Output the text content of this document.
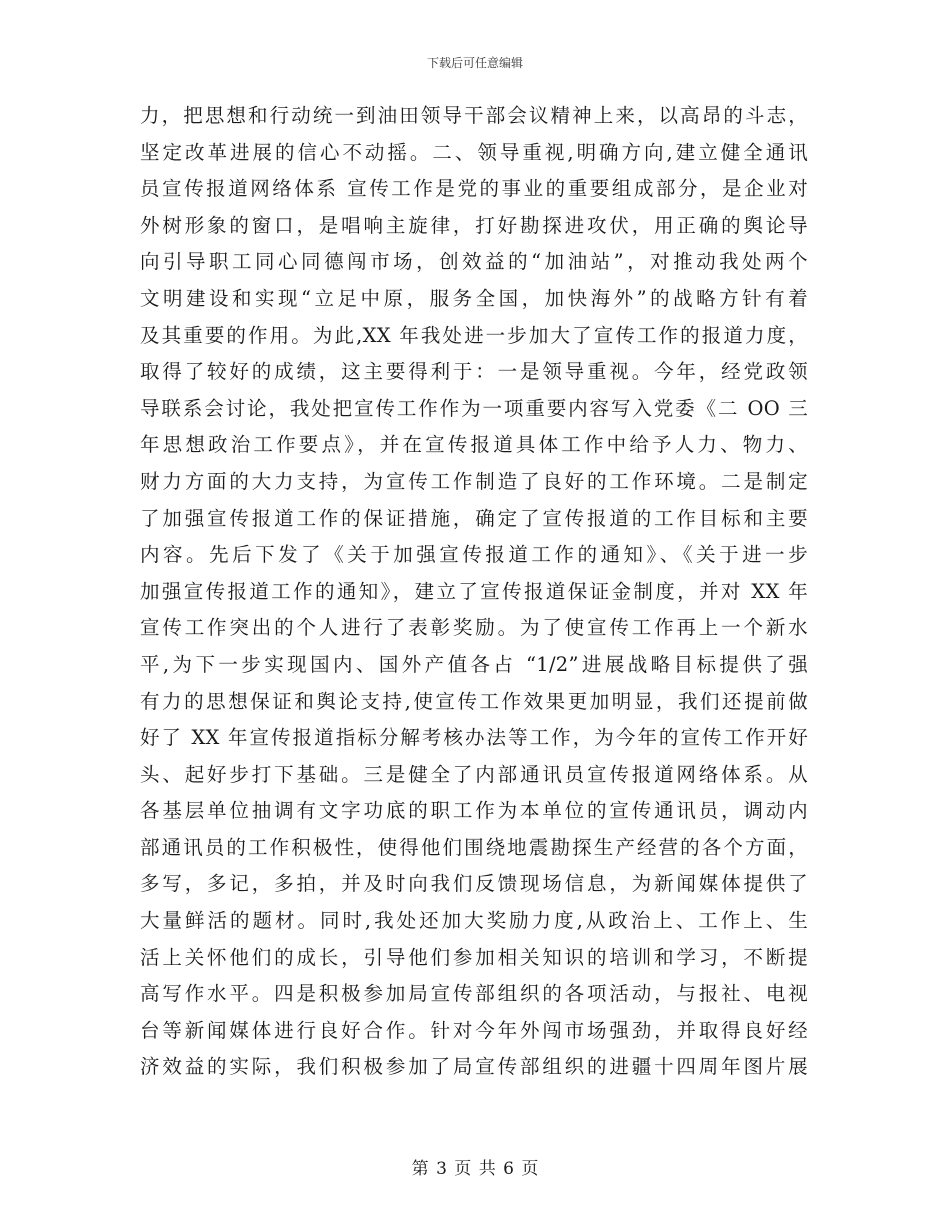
下载后可任意编辑
力，把思想和行动统一到油田领导干部会议精神上来，以高昂的斗志，
坚定改革进展的信心不动摇。二、领导重视,明确方向,建立健全通讯
员宣传报道网络体系 宣传工作是党的事业的重要组成部分，是企业对
外树形象的窗口，是唱响主旋律，打好勘探进攻伏，用正确的舆论导
向引导职工同心同德闯市场，创效益的“加油站”，对推动我处两个
文明建设和实现“立足中原，服务全国，加快海外”的战略方针有着
及其重要的作用。为此,XX 年我处进一步加大了宣传工作的报道力度，
取得了较好的成绩，这主要得利于：一是领导重视。今年，经党政领
导联系会讨论，我处把宣传工作作为一项重要内容写入党委《二 OO 三
年思想政治工作要点》，并在宣传报道具体工作中给予人力、物力、
财力方面的大力支持，为宣传工作制造了良好的工作环境。二是制定
了加强宣传报道工作的保证措施，确定了宣传报道的工作目标和主要
内容。先后下发了《关于加强宣传报道工作的通知》、《关于进一步
加强宣传报道工作的通知》，建立了宣传报道保证金制度，并对 XX 年
宣传工作突出的个人进行了表彰奖励。为了使宣传工作再上一个新水
平,为下一步实现国内、国外产值各占 “1/2”进展战略目标提供了强
有力的思想保证和舆论支持,使宣传工作效果更加明显，我们还提前做
好了 XX 年宣传报道指标分解考核办法等工作，为今年的宣传工作开好
头、起好步打下基础。三是健全了内部通讯员宣传报道网络体系。从
各基层单位抽调有文字功底的职工作为本单位的宣传通讯员，调动内
部通讯员的工作积极性，使得他们围绕地震勘探生产经营的各个方面，
多写，多记，多拍，并及时向我们反馈现场信息，为新闻媒体提供了
大量鲜活的题材。同时,我处还加大奖励力度,从政治上、工作上、生
活上关怀他们的成长，引导他们参加相关知识的培训和学习，不断提
高写作水平。四是积极参加局宣传部组织的各项活动，与报社、电视
台等新闻媒体进行良好合作。针对今年外闯市场强劲，并取得良好经
济效益的实际，我们积极参加了局宣传部组织的进疆十四周年图片展
第 3 页 共 6 页
